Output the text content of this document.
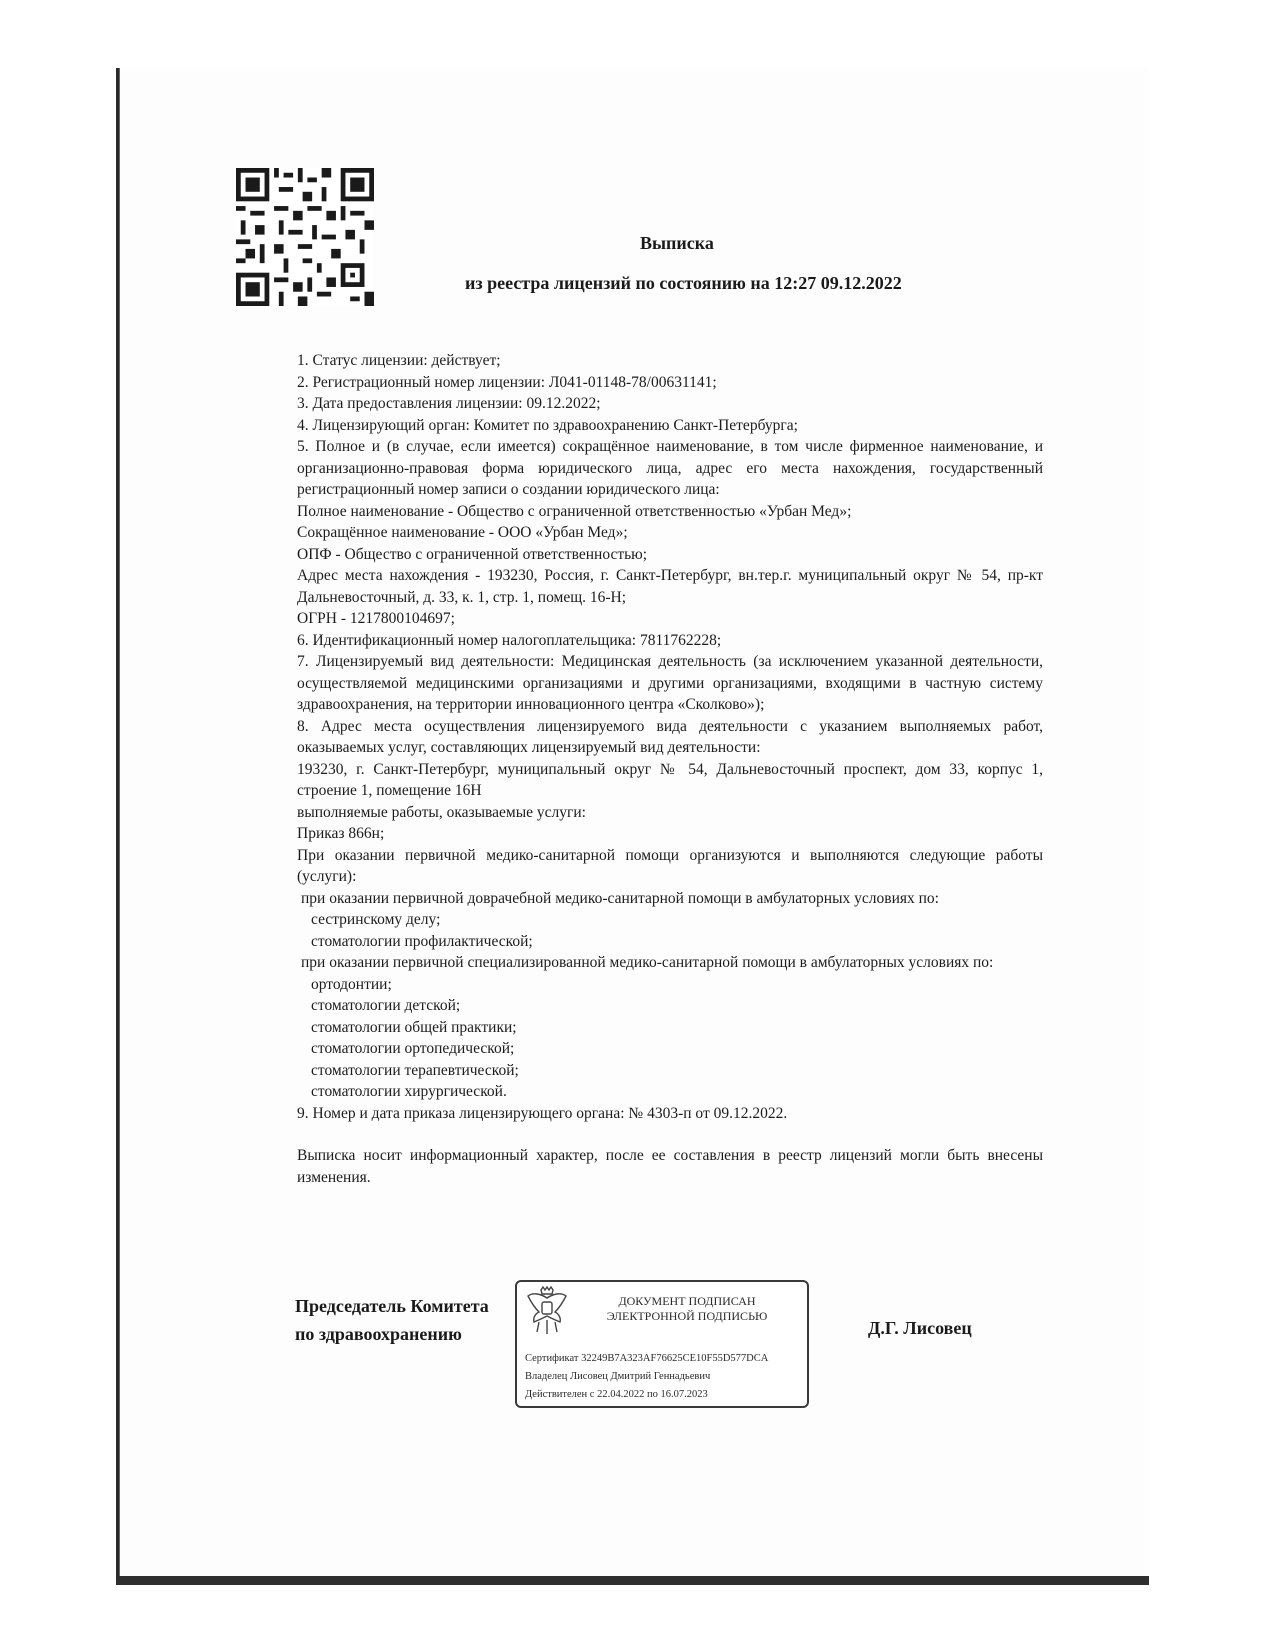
Выписка
из реестра лицензий по состоянию на 12:27 09.12.2022

1. Статус лицензии: действует;

2. Регистрационный номер лицензии: Л041-01148-78/00631141;

3. Дата предоставления лицензии: 09.12.2022;

4. Лицензирующий орган: Комитет по здравоохранению Санкт-Петербурга;

5. Полное и (в случае, если имеется) сокращённое наименование, в том числе фирменное наименование, и организационно-правовая форма юридического лица, адрес его места нахождения, государственный регистрационный номер записи о создании юридического лица:

Полное наименование - Общество с ограниченной ответственностью «Урбан Мед»;

Сокращённое наименование - ООО «Урбан Мед»;

ОПФ - Общество с ограниченной ответственностью;

Адрес места нахождения - 193230, Россия, г. Санкт-Петербург, вн.тер.г. муниципальный округ № 54, пр-кт Дальневосточный, д. 33, к. 1, стр. 1, помещ. 16-Н;

ОГРН - 1217800104697;

6. Идентификационный номер налогоплательщика: 7811762228;

7. Лицензируемый вид деятельности: Медицинская деятельность (за исключением указанной деятельности, осуществляемой медицинскими организациями и другими организациями, входящими в частную систему здравоохранения, на территории инновационного центра «Сколково»);

8. Адрес места осуществления лицензируемого вида деятельности с указанием выполняемых работ, оказываемых услуг, составляющих лицензируемый вид деятельности:

193230, г. Санкт-Петербург, муниципальный округ № 54, Дальневосточный проспект, дом 33, корпус 1, строение 1, помещение 16Н

выполняемые работы, оказываемые услуги:

Приказ 866н;

При оказании первичной медико-санитарной помощи организуются и выполняются следующие работы (услуги):

при оказании первичной доврачебной медико-санитарной помощи в амбулаторных условиях по:

сестринскому делу;

стоматологии профилактической;

при оказании первичной специализированной медико-санитарной помощи в амбулаторных условиях по:

ортодонтии;

стоматологии детской;

стоматологии общей практики;

стоматологии ортопедической;

стоматологии терапевтической;

стоматологии хирургической.

9. Номер и дата приказа лицензирующего органа: № 4303-п от 09.12.2022.

Выписка носит информационный характер, после ее составления в реестр лицензий могли быть внесены изменения.

Председатель Комитета
по здравоохранению	Д.Г. Лисовец
ДОКУМЕНТ ПОДПИСАН
ЭЛЕКТРОННОЙ ПОДПИСЬЮ
Сертификат 32249B7A323AF76625CE10F55D577DCA
Владелец Лисовец Дмитрий Геннадьевич
Действителен с 22.04.2022 по 16.07.2023
